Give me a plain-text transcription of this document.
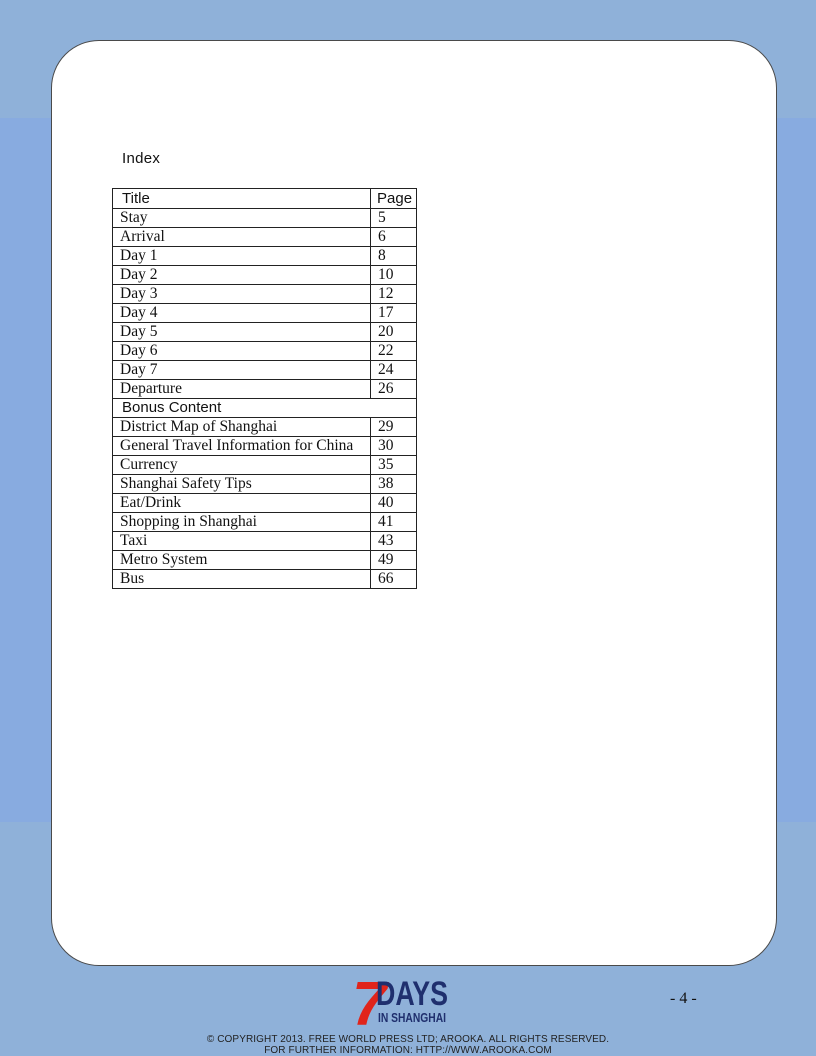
Index
Title	Page
Stay	5
Arrival	6
Day 1	8
Day 2	10
Day 3	12
Day 4	17
Day 5	20
Day 6	22
Day 7	24
Departure	26
Bonus Content	
District Map of Shanghai	29
General Travel Information for China	30
Currency	35
Shanghai Safety Tips	38
Eat/Drink	40
Shopping in Shanghai	41
Taxi	43
Metro System	49
Bus	66
7
DAYS
IN SHANGHAI
- 4 -
© COPYRIGHT 2013. FREE WORLD PRESS LTD; AROOKA. ALL RIGHTS RESERVED.
FOR FURTHER INFORMATION: HTTP://WWW.AROOKA.COM
